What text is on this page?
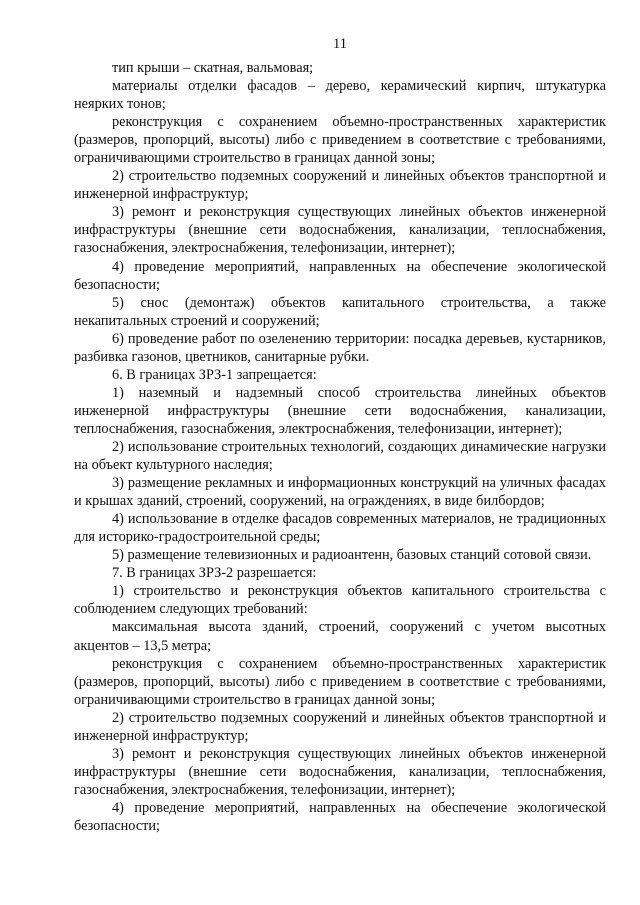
11

тип крыши – скатная, вальмовая;

материалы отделки фасадов – дерево, керамический кирпич, штукатурка неярких тонов;

реконструкция с сохранением объемно-пространственных характеристик (размеров, пропорций, высоты) либо с приведением в соответствие с требованиями, ограничивающими строительство в границах данной зоны;

2) строительство подземных сооружений и линейных объектов транспортной и инженерной инфраструктур;

3) ремонт и реконструкция существующих линейных объектов инженерной инфраструктуры (внешние сети водоснабжения, канализации, теплоснабжения, газоснабжения, электроснабжения, телефонизации, интернет);

4) проведение мероприятий, направленных на обеспечение экологической безопасности;

5) снос (демонтаж) объектов капитального строительства, а также некапитальных строений и сооружений;

6) проведение работ по озеленению территории: посадка деревьев, кустарников, разбивка газонов, цветников, санитарные рубки.

6. В границах ЗРЗ-1 запрещается:

1) наземный и надземный способ строительства линейных объектов инженерной инфраструктуры (внешние сети водоснабжения, канализации, теплоснабжения, газоснабжения, электроснабжения, телефонизации, интернет);

2) использование строительных технологий, создающих динамические нагрузки на объект культурного наследия;

3) размещение рекламных и информационных конструкций на уличных фасадах и крышах зданий, строений, сооружений, на ограждениях, в виде билбордов;

4) использование в отделке фасадов современных материалов, не традиционных для историко-градостроительной среды;

5) размещение телевизионных и радиоантенн, базовых станций сотовой связи.

7. В границах ЗРЗ-2 разрешается:

1) строительство и реконструкция объектов капитального строительства с соблюдением следующих требований:

максимальная высота зданий, строений, сооружений с учетом высотных акцентов – 13,5 метра;

реконструкция с сохранением объемно-пространственных характеристик (размеров, пропорций, высоты) либо с приведением в соответствие с требованиями, ограничивающими строительство в границах данной зоны;

2) строительство подземных сооружений и линейных объектов транспортной и инженерной инфраструктур;

3) ремонт и реконструкция существующих линейных объектов инженерной инфраструктуры (внешние сети водоснабжения, канализации, теплоснабжения, газоснабжения, электроснабжения, телефонизации, интернет);

4) проведение мероприятий, направленных на обеспечение экологической безопасности;
